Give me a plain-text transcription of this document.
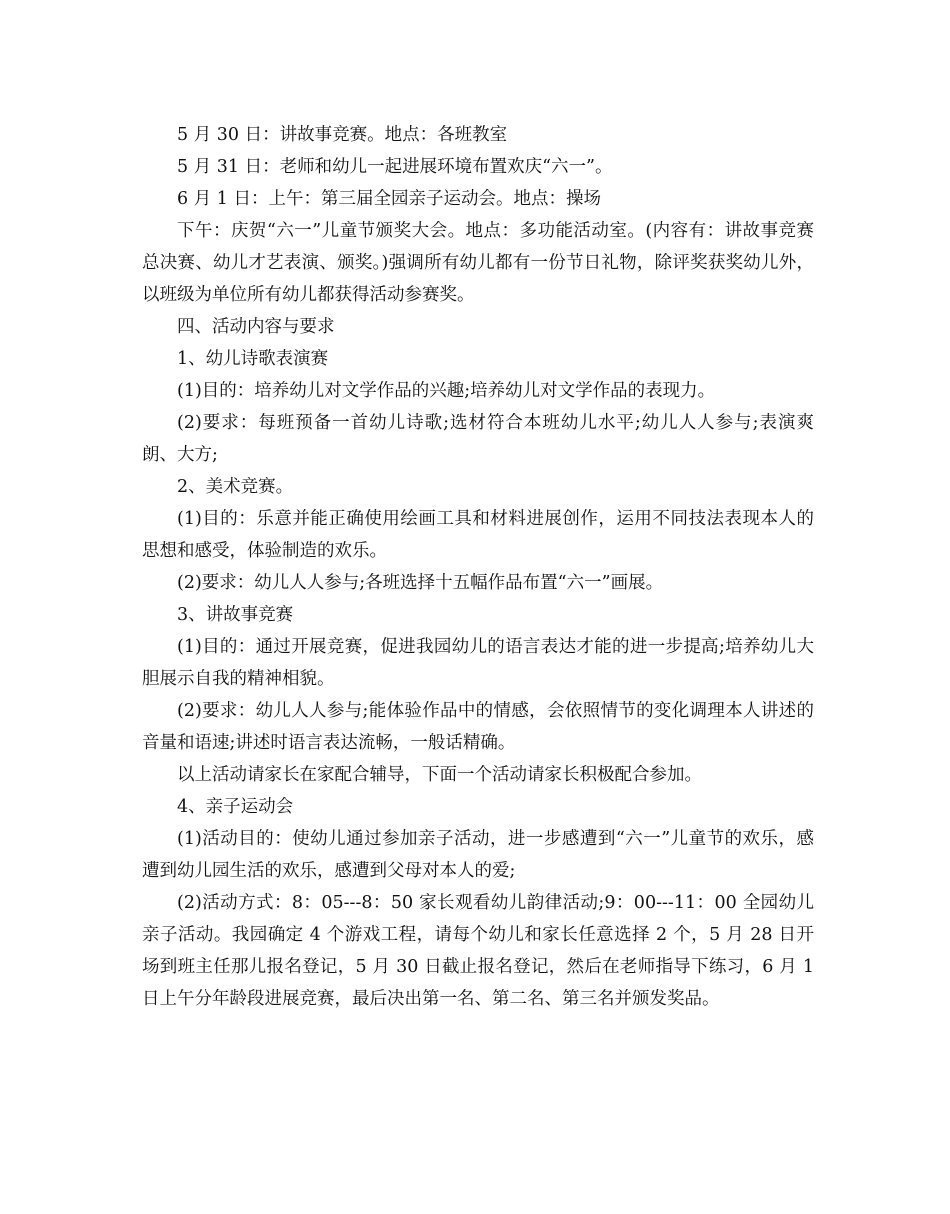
5 月 30 日：讲故事竞赛。地点：各班教室

5 月 31 日：老师和幼儿一起进展环境布置欢庆“六一”。

6 月 1 日：上午：第三届全园亲子运动会。地点：操场

下午：庆贺“六一”儿童节颁奖大会。地点：多功能活动室。(内容有：讲故事竞赛总决赛、幼儿才艺表演、颁奖。)强调所有幼儿都有一份节日礼物，除评奖获奖幼儿外，以班级为单位所有幼儿都获得活动参赛奖。

四、活动内容与要求

1、幼儿诗歌表演赛

(1)目的：培养幼儿对文学作品的兴趣;培养幼儿对文学作品的表现力。

(2)要求：每班预备一首幼儿诗歌;选材符合本班幼儿水平;幼儿人人参与;表演爽朗、大方;

2、美术竞赛。

(1)目的：乐意并能正确使用绘画工具和材料进展创作，运用不同技法表现本人的思想和感受，体验制造的欢乐。

(2)要求：幼儿人人参与;各班选择十五幅作品布置“六一”画展。

3、讲故事竞赛

(1)目的：通过开展竞赛，促进我园幼儿的语言表达才能的进一步提高;培养幼儿大胆展示自我的精神相貌。

(2)要求：幼儿人人参与;能体验作品中的情感，会依照情节的变化调理本人讲述的音量和语速;讲述时语言表达流畅，一般话精确。

以上活动请家长在家配合辅导，下面一个活动请家长积极配合参加。

4、亲子运动会

(1)活动目的：使幼儿通过参加亲子活动，进一步感遭到“六一”儿童节的欢乐，感遭到幼儿园生活的欢乐，感遭到父母对本人的爱;

(2)活动方式：8：05---8：50 家长观看幼儿韵律活动;9：00---11：00 全园幼儿亲子活动。我园确定 4 个游戏工程，请每个幼儿和家长任意选择 2 个，5 月 28 日开场到班主任那儿报名登记，5 月 30 日截止报名登记，然后在老师指导下练习，6 月 1 日上午分年龄段进展竞赛，最后决出第一名、第二名、第三名并颁发奖品。
